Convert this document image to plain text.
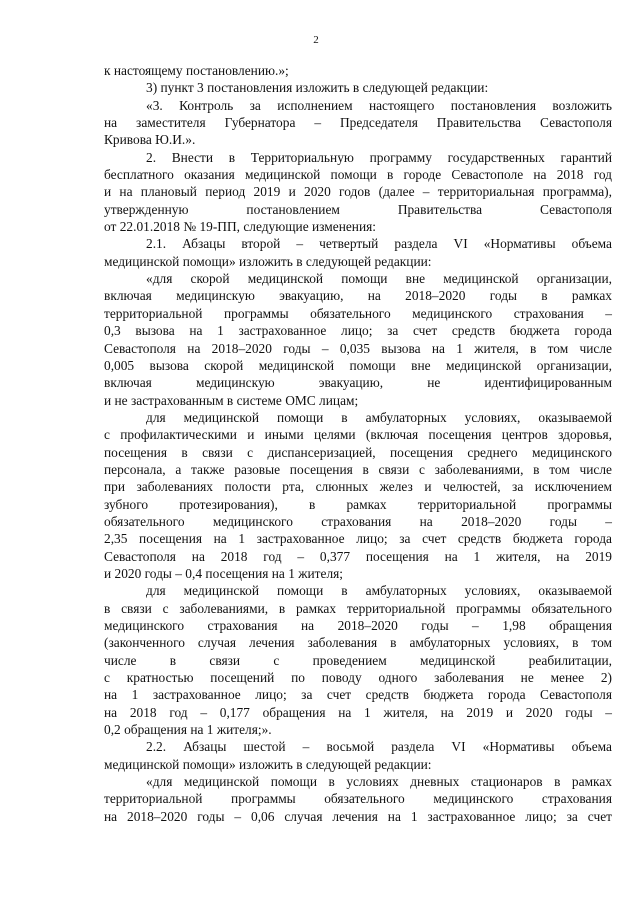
2
к настоящему постановлению.»;
3) пункт 3 постановления изложить в следующей редакции:
«3. Контроль за исполнением настоящего постановления возложить
на заместителя Губернатора – Председателя Правительства Севастополя
Кривова Ю.И.».
2. Внести в Территориальную программу государственных гарантий
бесплатного оказания медицинской помощи в городе Севастополе на 2018 год
и на плановый период 2019 и 2020 годов (далее – территориальная программа),
утвержденную постановлением Правительства Севастополя
от 22.01.2018 № 19-ПП, следующие изменения:
2.1. Абзацы второй – четвертый раздела VI «Нормативы объема
медицинской помощи» изложить в следующей редакции:
«для скорой медицинской помощи вне медицинской организации,
включая медицинскую эвакуацию, на 2018–2020 годы в рамках
территориальной программы обязательного медицинского страхования –
0,3 вызова на 1 застрахованное лицо; за счет средств бюджета города
Севастополя на 2018–2020 годы – 0,035 вызова на 1 жителя, в том числе
0,005 вызова скорой медицинской помощи вне медицинской организации,
включая медицинскую эвакуацию, не идентифицированным
и не застрахованным в системе ОМС лицам;
для медицинской помощи в амбулаторных условиях, оказываемой
с профилактическими и иными целями (включая посещения центров здоровья,
посещения в связи с диспансеризацией, посещения среднего медицинского
персонала, а также разовые посещения в связи с заболеваниями, в том числе
при заболеваниях полости рта, слюнных желез и челюстей, за исключением
зубного протезирования), в рамках территориальной программы
обязательного медицинского страхования на 2018–2020 годы –
2,35 посещения на 1 застрахованное лицо; за счет средств бюджета города
Севастополя на 2018 год – 0,377 посещения на 1 жителя, на 2019
и 2020 годы – 0,4 посещения на 1 жителя;
для медицинской помощи в амбулаторных условиях, оказываемой
в связи с заболеваниями, в рамках территориальной программы обязательного
медицинского страхования на 2018–2020 годы – 1,98 обращения
(законченного случая лечения заболевания в амбулаторных условиях, в том
числе в связи с проведением медицинской реабилитации,
с кратностью посещений по поводу одного заболевания не менее 2)
на 1 застрахованное лицо; за счет средств бюджета города Севастополя
на 2018 год – 0,177 обращения на 1 жителя, на 2019 и 2020 годы –
0,2 обращения на 1 жителя;».
2.2. Абзацы шестой – восьмой раздела VI «Нормативы объема
медицинской помощи» изложить в следующей редакции:
«для медицинской помощи в условиях дневных стационаров в рамках
территориальной программы обязательного медицинского страхования
на 2018–2020 годы – 0,06 случая лечения на 1 застрахованное лицо; за счет
